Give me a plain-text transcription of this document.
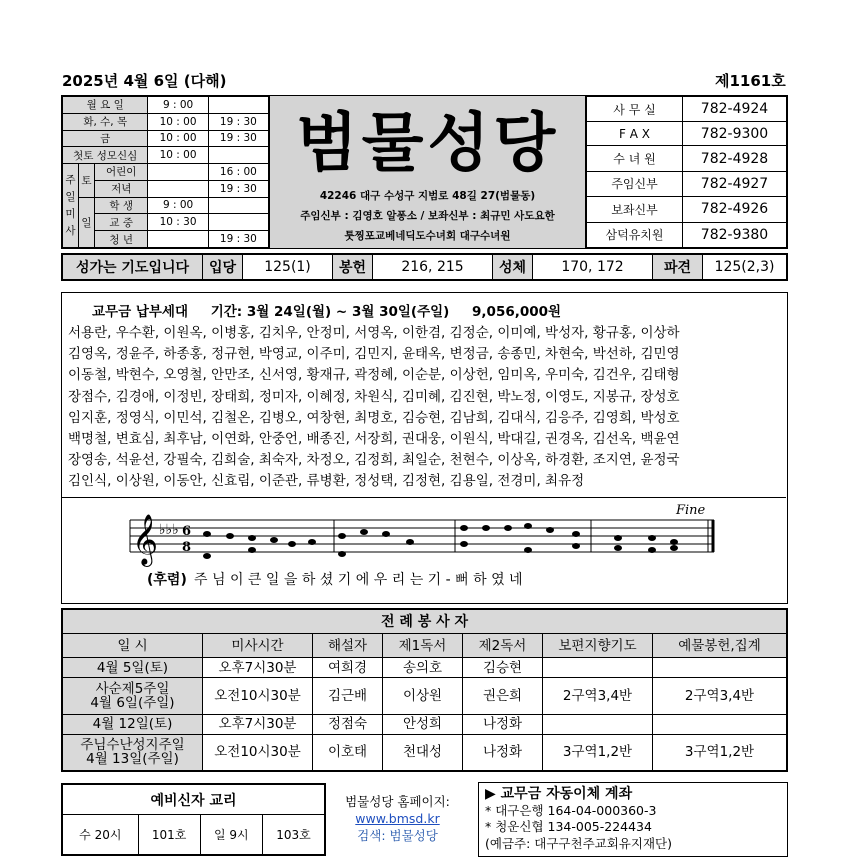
2025년 4월 6일 (다해)	제1161호
월 요 일			9 : 00	
화, 수, 목			10 : 00	19 : 30
금			10 : 00	19 : 30
첫토 성모신심			10 : 00	
주
일
미
사	토	어린이		16 : 00
		저녁		19 : 30
	일	학 생	9 : 00	
		교 중	10 : 30	
		청 년		19 : 30
범물성당
42246 대구 수성구 지범로 48길 27(범물동)
주임신부 : 김영호 알퐁소 / 보좌신부 : 최규민 사도요한
툿찡포교베네딕도수녀회 대구수녀원
사 무 실	782-4924
F A X	782-9300
수 녀 원	782-4928
주임신부	782-4927
보좌신부	782-4926
삼덕유치원	782-9380
성가는 기도입니다	입당	125(1)	봉헌	216, 215	성체	170, 172	파견	125(2,3)
교무금 납부세대 기간: 3월 24일(월) ~ 3월 30일(주일) 9,056,000원
서용란, 우수환, 이원옥, 이병홍, 김치우, 안정미, 서영옥, 이한겸, 김정순, 이미예, 박성자, 황규홍, 이상하
김영옥, 정윤주, 하종홍, 정규현, 박영교, 이주미, 김민지, 윤태옥, 변정금, 송종민, 차현숙, 박선하, 김민영
이동철, 박현수, 오영철, 안만조, 신서영, 황재규, 곽정혜, 이순분, 이상헌, 임미옥, 우미숙, 김건우, 김태형
장점수, 김경애, 이정빈, 장태희, 정미자, 이혜정, 차원식, 김미혜, 김진현, 박노정, 이영도, 지봉규, 장성호
임지훈, 정영식, 이민석, 김철온, 김병오, 여창현, 최명호, 김승현, 김남희, 김대식, 김응주, 김영희, 박성호
백명철, 변효심, 최후남, 이연화, 안중언, 배종진, 서장희, 권대웅, 이원식, 박대길, 권경옥, 김선옥, 백윤연
장영송, 석윤선, 강필숙, 김희술, 최숙자, 차정오, 김정희, 최일순, 천현수, 이상옥, 하경환, 조지연, 윤정국
김인식, 이상원, 이동안, 신효림, 이준관, 류병환, 정성택, 김정현, 김용일, 전경미, 최유정
𝄞 ♭♭♭ 6
8
Fine
(후렴) 주 님 이 큰 일 을 하 셨 기 에 우 리 는 기 - 뻐 하 였 네
전 례 봉 사 자						
일 시	미사시간	해설자	제1독서	제2독서	보편지향기도	예물봉헌,집계
4월 5일(토)	오후7시30분	여희경	송의호	김승현		
사순제5주일
4월 6일(주일)	오전10시30분	김근배	이상원	권은희	2구역3,4반	2구역3,4반
4월 12일(토)	오후7시30분	정점숙	안성희	나정화		
주님수난성지주일
4월 13일(주일)	오전10시30분	이호태	천대성	나정화	3구역1,2반	3구역1,2반
예비신자 교리
수 20시	101호	일 9시	103호
범물성당 홈페이지:
www.bmsd.kr
검색: 범물성당
▶ 교무금 자동이체 계좌
* 대구은행 164-04-000360-3
* 청운신협 134-005-224434
(예금주: 대구구천주교회유지재단)
